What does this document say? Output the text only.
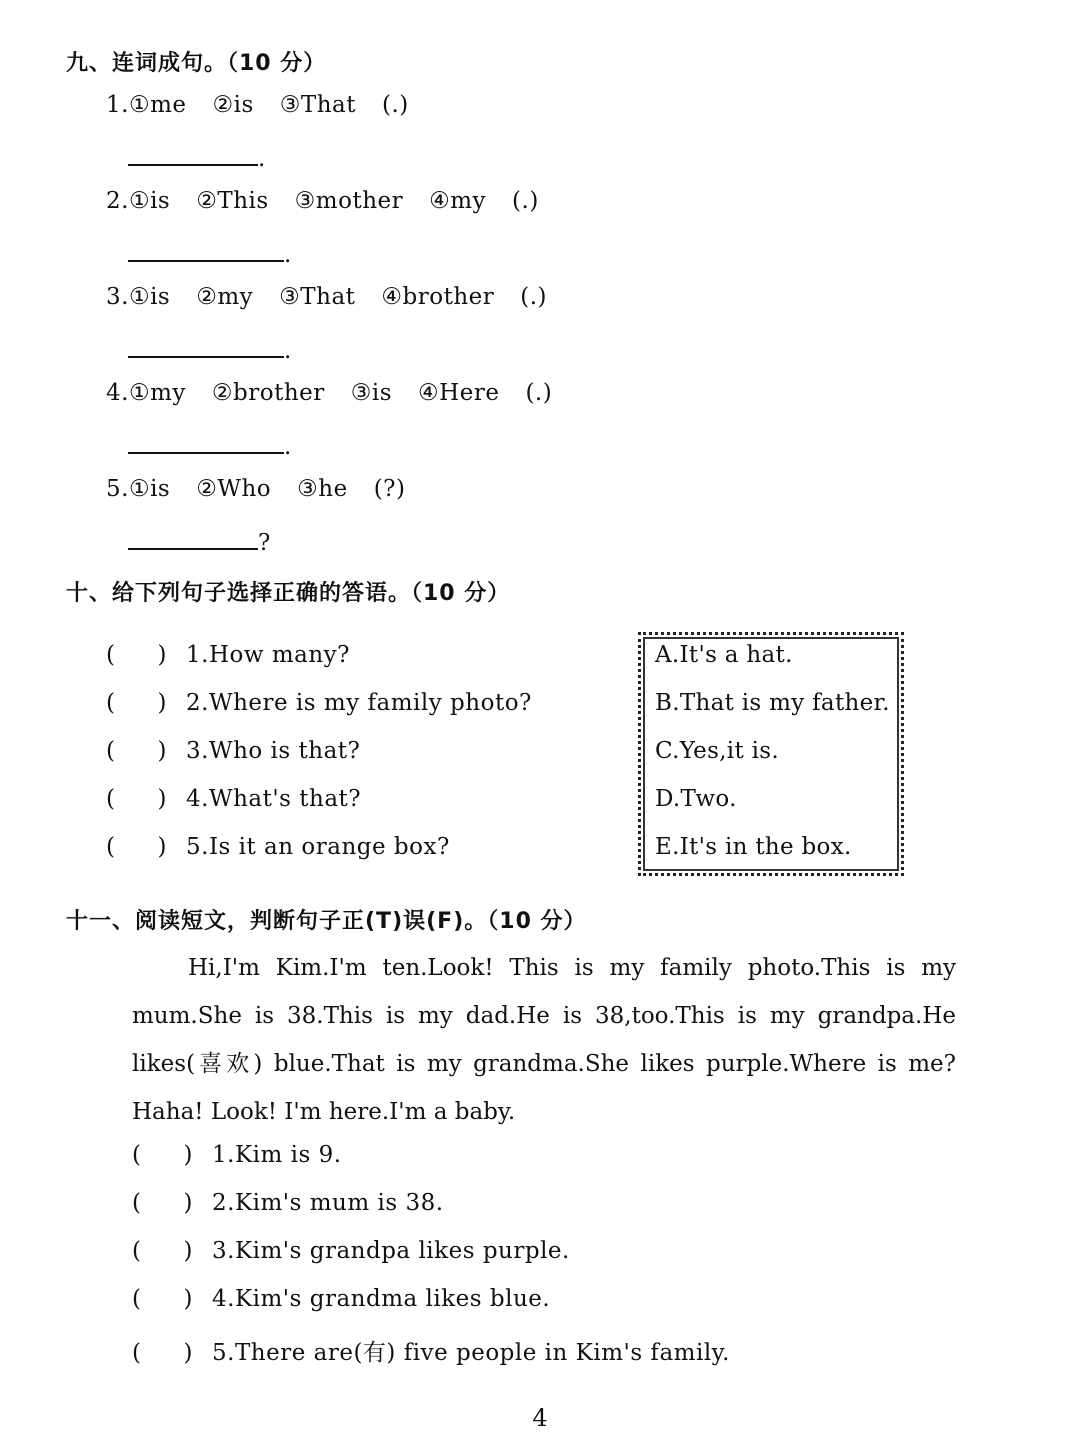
九、连词成句。（10 分）
1.①me ②is ③That (.)
.
2.①is ②This ③mother ④my (.)
.
3.①is ②my ③That ④brother (.)
.
4.①my ②brother ③is ④Here (.)
.
5.①is ②Who ③he (?)
?
十、给下列句子选择正确的答语。（10 分）
( ) 1.How many?
( ) 2.Where is my family photo?
( ) 3.Who is that?
( ) 4.What's that?
( ) 5.Is it an orange box?
A.It's a hat.
B.That is my father.
C.Yes,it is.
D.Two.
E.It's in the box.
十一、阅读短文，判断句子正(T)误(F)。（10 分）
Hi,I'm Kim.I'm ten.Look! This is my family photo.This is my mum.She is 38.This is my dad.He is 38,too.This is my grandpa.He likes(喜欢) blue.That is my grandma.She likes purple.Where is me? Haha! Look! I'm here.I'm a baby.
( ) 1.Kim is 9.
( ) 2.Kim's mum is 38.
( ) 3.Kim's grandpa likes purple.
( ) 4.Kim's grandma likes blue.
( ) 5.There are(有) five people in Kim's family.
4
